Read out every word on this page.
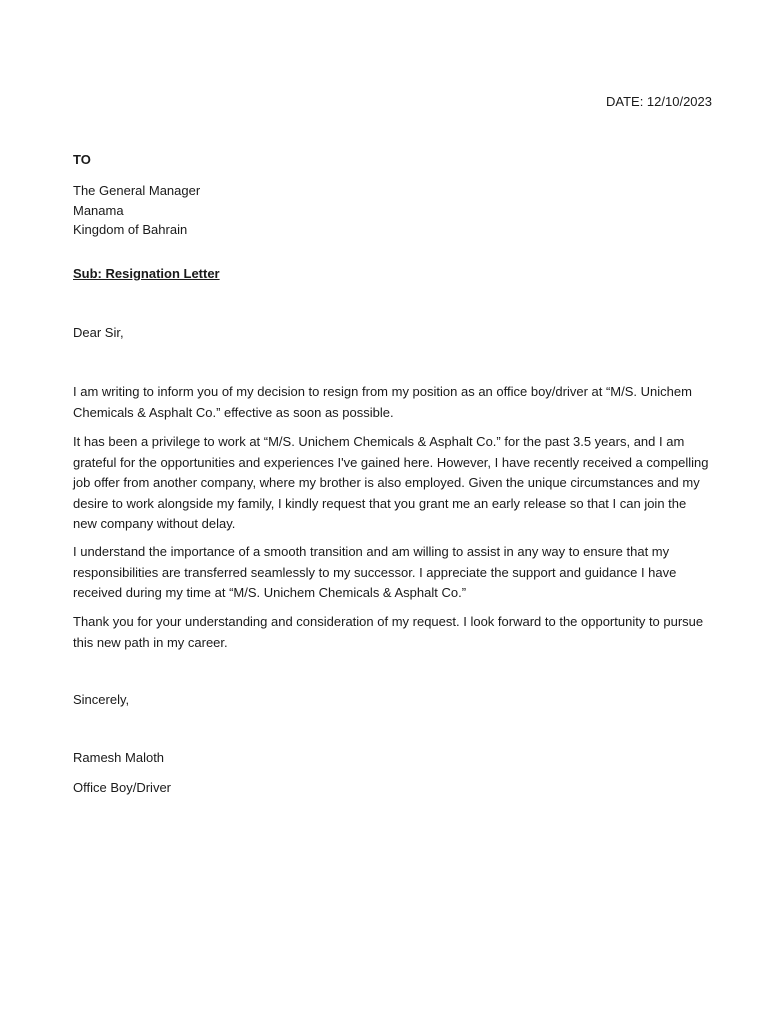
DATE: 12/10/2023
TO
The General Manager
Manama
Kingdom of Bahrain
Sub: Resignation Letter
Dear Sir,
I am writing to inform you of my decision to resign from my position as an office boy/driver at “M/S. Unichem Chemicals & Asphalt Co.” effective as soon as possible.
It has been a privilege to work at “M/S. Unichem Chemicals & Asphalt Co.” for the past 3.5 years, and I am grateful for the opportunities and experiences I've gained here. However, I have recently received a compelling job offer from another company, where my brother is also employed. Given the unique circumstances and my desire to work alongside my family, I kindly request that you grant me an early release so that I can join the new company without delay.
I understand the importance of a smooth transition and am willing to assist in any way to ensure that my responsibilities are transferred seamlessly to my successor. I appreciate the support and guidance I have received during my time at “M/S. Unichem Chemicals & Asphalt Co.”
Thank you for your understanding and consideration of my request. I look forward to the opportunity to pursue this new path in my career.
Sincerely,
Ramesh Maloth
Office Boy/Driver
